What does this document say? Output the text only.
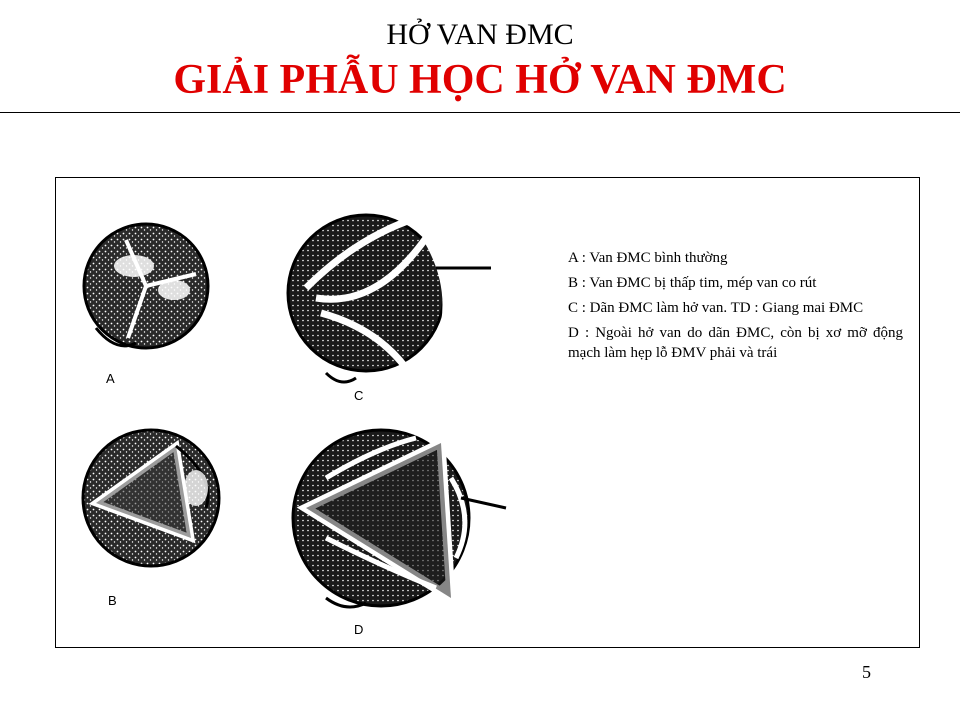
HỞ VAN ĐMC
GIẢI PHẪU HỌC HỞ VAN ĐMC
A
C
B
D

A : Van ĐMC bình thường

B : Van ĐMC bị thấp tim, mép van co rút

C : Dãn ĐMC làm hở van. TD : Giang mai ĐMC

D : Ngoài hở van do dãn ĐMC, còn bị xơ mỡ động mạch làm hẹp lỗ ĐMV phải và trái

5
